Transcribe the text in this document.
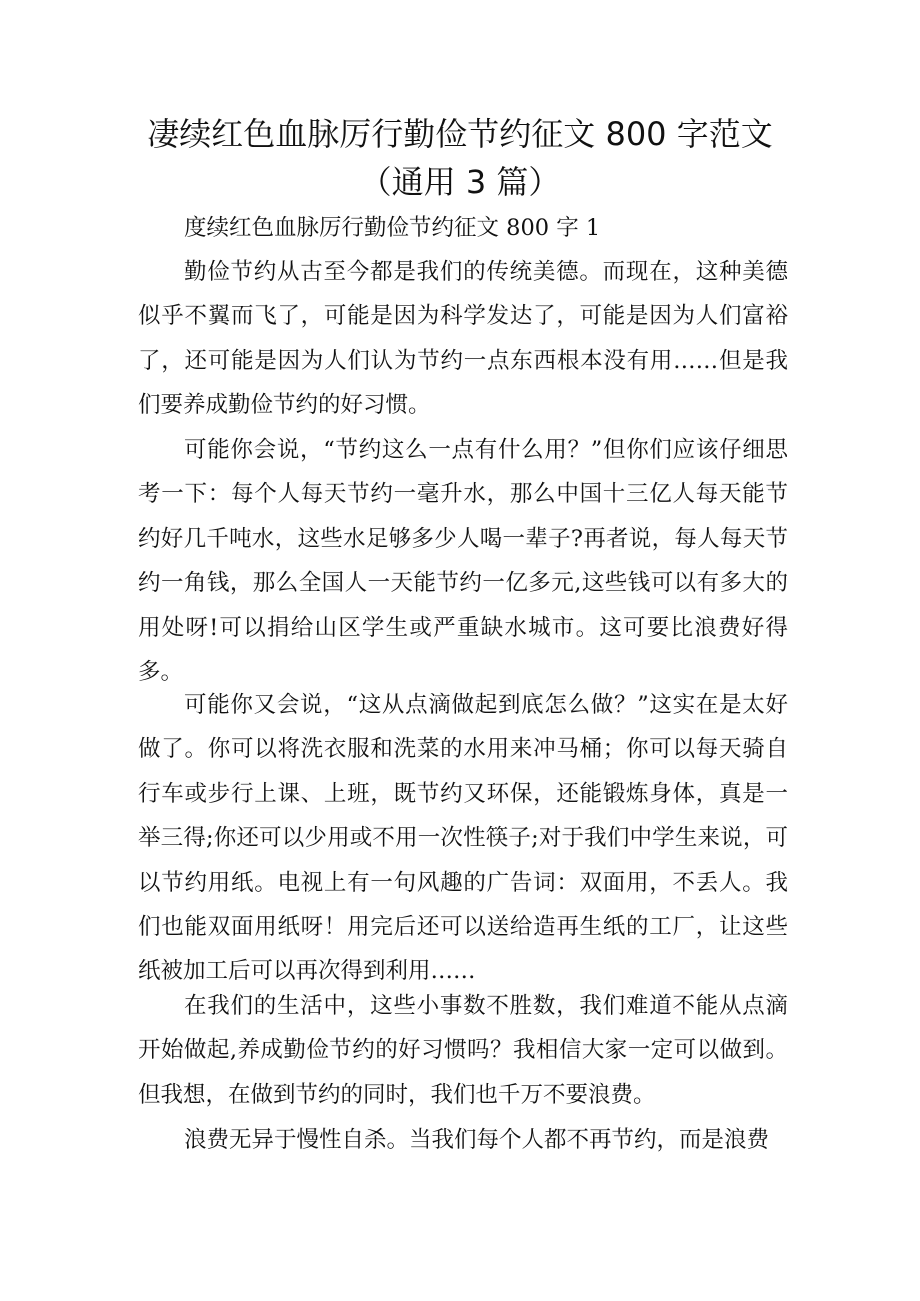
凄续红色血脉厉行勤俭节约征文 800 字范文
（通用 3 篇）
度续红色血脉厉行勤俭节约征文 800 字 1

勤俭节约从古至今都是我们的传统美德。而现在，这种美德似乎不翼而飞了，可能是因为科学发达了，可能是因为人们富裕了，还可能是因为人们认为节约一点东西根本没有用……但是我们要养成勤俭节约的好习惯。

可能你会说，“节约这么一点有什么用？”但你们应该仔细思考一下：每个人每天节约一毫升水，那么中国十三亿人每天能节约好几千吨水，这些水足够多少人喝一辈子?再者说，每人每天节约一角钱，那么全国人一天能节约一亿多元,这些钱可以有多大的用处呀!可以捐给山区学生或严重缺水城市。这可要比浪费好得多。

可能你又会说，“这从点滴做起到底怎么做？”这实在是太好做了。你可以将洗衣服和洗菜的水用来冲马桶；你可以每天骑自行车或步行上课、上班，既节约又环保，还能锻炼身体，真是一举三得;你还可以少用或不用一次性筷子;对于我们中学生来说，可以节约用纸。电视上有一句风趣的广告词：双面用，不丢人。我们也能双面用纸呀！用完后还可以送给造再生纸的工厂，让这些纸被加工后可以再次得到利用……

在我们的生活中，这些小事数不胜数，我们难道不能从点滴开始做起,养成勤俭节约的好习惯吗？我相信大家一定可以做到。但我想，在做到节约的同时，我们也千万不要浪费。

浪费无异于慢性自杀。当我们每个人都不再节约，而是浪费
